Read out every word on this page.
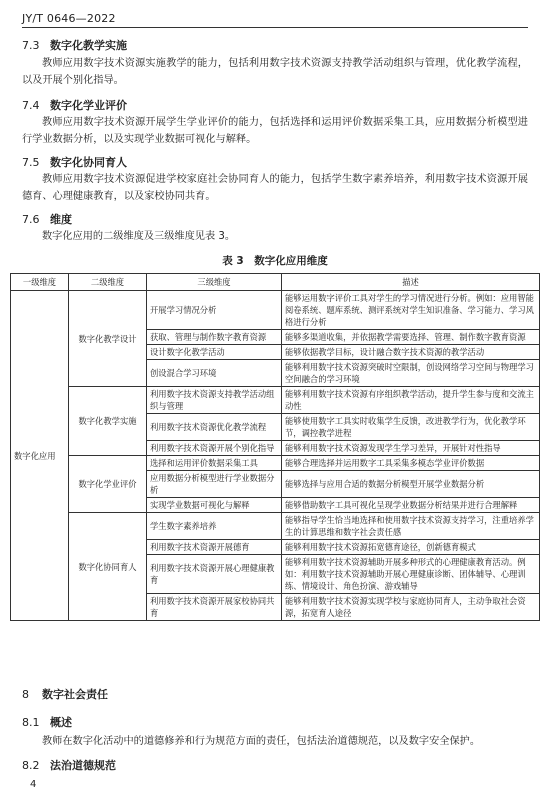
JY/T 0646—2022
7.3 数字化教学实施
教师应用数字技术资源实施教学的能力，包括利用数字技术资源支持教学活动组织与管理，优化教学流程，以及开展个别化指导。
7.4 数字化学业评价
教师应用数字技术资源开展学生学业评价的能力，包括选择和运用评价数据采集工具，应用数据分析模型进行学业数据分析，以及实现学业数据可视化与解释。
7.5 数字化协同育人
教师应用数字技术资源促进学校家庭社会协同育人的能力，包括学生数字素养培养，利用数字技术资源开展德育、心理健康教育，以及家校协同共育。
7.6 维度
数字化应用的二级维度及三级维度见表 3。
表 3　数字化应用维度
一级维度	二级维度	三级维度	描述
数字化应用	数字化教学设计	开展学习情况分析	能够运用数字评价工具对学生的学习情况进行分析。例如：应用智能阅卷系统、题库系统、测评系统对学生知识准备、学习能力、学习风格进行分析
		获取、管理与制作数字教育资源	能够多渠道收集，并依据教学需要选择、管理、制作数字教育资源
		设计数字化教学活动	能够依据教学目标，设计融合数字技术资源的教学活动
		创设混合学习环境	能够利用数字技术资源突破时空限制，创设网络学习空间与物理学习空间融合的学习环境
	数字化教学实施	利用数字技术资源支持教学活动组织与管理	能够利用数字技术资源有序组织教学活动，提升学生参与度和交流主动性
		利用数字技术资源优化教学流程	能够使用数字工具实时收集学生反馈，改进教学行为，优化教学环节，调控教学进程
		利用数字技术资源开展个别化指导	能够利用数字技术资源发现学生学习差异，开展针对性指导
	数字化学业评价	选择和运用评价数据采集工具	能够合理选择并运用数字工具采集多模态学业评价数据
		应用数据分析模型进行学业数据分析	能够选择与应用合适的数据分析模型开展学业数据分析
		实现学业数据可视化与解释	能够借助数字工具可视化呈现学业数据分析结果并进行合理解释
	数字化协同育人	学生数字素养培养	能够指导学生恰当地选择和使用数字技术资源支持学习，注重培养学生的计算思维和数字社会责任感
		利用数字技术资源开展德育	能够利用数字技术资源拓宽德育途径，创新德育模式
		利用数字技术资源开展心理健康教育	能够利用数字技术资源辅助开展多种形式的心理健康教育活动。例如：利用数字技术资源辅助开展心理健康诊断、团体辅导、心理训练、情境设计、角色扮演、游戏辅导
		利用数字技术资源开展家校协同共育	能够利用数字技术资源实现学校与家庭协同育人，主动争取社会资源，拓宽育人途径
8 数字社会责任
8.1 概述
教师在数字化活动中的道德修养和行为规范方面的责任，包括法治道德规范，以及数字安全保护。
8.2 法治道德规范
4
